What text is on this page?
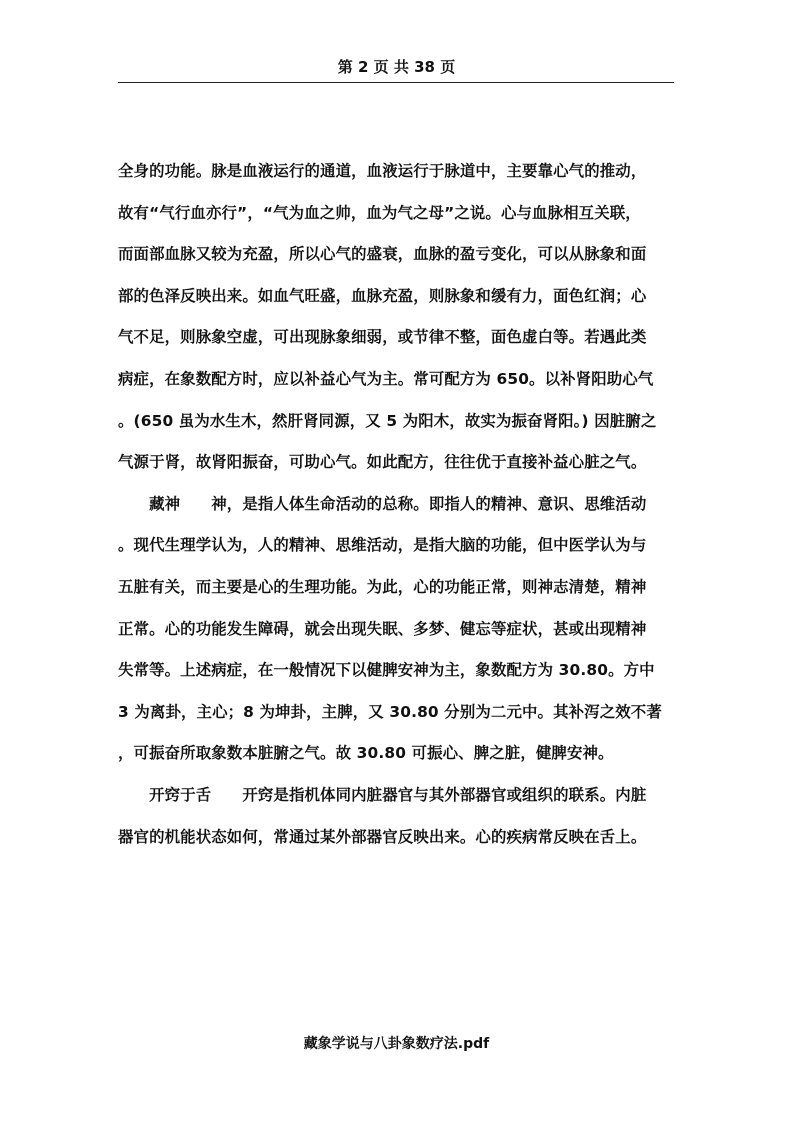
第 2 页 共 38 页
全身的功能。脉是血液运行的通道，血液运行于脉道中，主要靠心气的推动，
故有“气行血亦行”，“气为血之帅，血为气之母”之说。心与血脉相互关联，
而面部血脉又较为充盈，所以心气的盛衰，血脉的盈亏变化，可以从脉象和面
部的色泽反映出来。如血气旺盛，血脉充盈，则脉象和缓有力，面色红润；心
气不足，则脉象空虚，可出现脉象细弱，或节律不整，面色虚白等。若遇此类
病症，在象数配方时，应以补益心气为主。常可配方为 650。以补肾阳助心气
。(650 虽为水生木，然肝肾同源，又 5 为阳木，故实为振奋肾阳。) 因脏腑之
气源于肾，故肾阳振奋，可助心气。如此配方，往往优于直接补益心脏之气。
　　藏神　　神，是指人体生命活动的总称。即指人的精神、意识、思维活动
。现代生理学认为，人的精神、思维活动，是指大脑的功能，但中医学认为与
五脏有关，而主要是心的生理功能。为此，心的功能正常，则神志清楚，精神
正常。心的功能发生障碍，就会出现失眠、多梦、健忘等症状，甚或出现精神
失常等。上述病症，在一般情况下以健脾安神为主，象数配方为 30.80。方中
3 为离卦，主心；8 为坤卦，主脾，又 30.80 分别为二元中。其补泻之效不著
，可振奋所取象数本脏腑之气。故 30.80 可振心、脾之脏，健脾安神。
　　开窍于舌　　开窍是指机体同内脏器官与其外部器官或组织的联系。内脏
器官的机能状态如何，常通过某外部器官反映出来。心的疾病常反映在舌上。
藏象学说与八卦象数疗法.pdf
